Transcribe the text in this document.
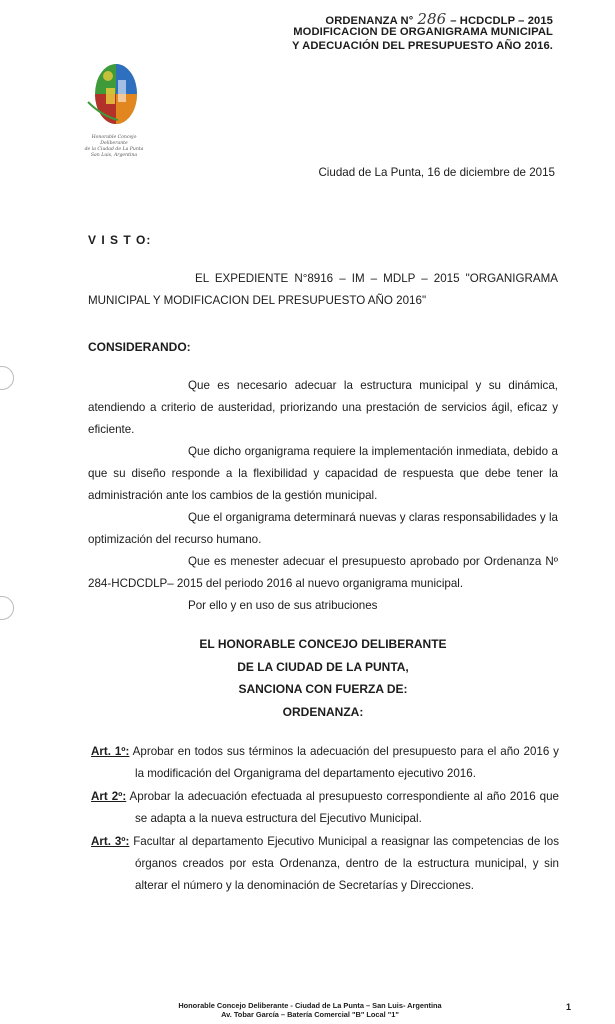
ORDENANZA N° 286 – HCDCDLP – 2015
MODIFICACION DE ORGANIGRAMA MUNICIPAL
Y ADECUACIÓN DEL PRESUPUESTO AÑO 2016.
Honorable Concejo Deliberante
de la Ciudad de La Punta
San Luis, Argentina
Ciudad de La Punta, 16 de diciembre de 2015
V I S T O:
EL EXPEDIENTE N°8916 – IM – MDLP – 2015 "ORGANIGRAMA MUNICIPAL Y MODIFICACION DEL PRESUPUESTO AÑO 2016"
CONSIDERANDO:
Que es necesario adecuar la estructura municipal y su dinámica, atendiendo a criterio de austeridad, priorizando una prestación de servicios ágil, eficaz y eficiente.
Que dicho organigrama requiere la implementación inmediata, debido a que su diseño responde a la flexibilidad y capacidad de respuesta que debe tener la administración ante los cambios de la gestión municipal.
Que el organigrama determinará nuevas y claras responsabilidades y la optimización del recurso humano.
Que es menester adecuar el presupuesto aprobado por Ordenanza Nº 284-HCDCDLP– 2015 del periodo 2016 al nuevo organigrama municipal.
Por ello y en uso de sus atribuciones
EL HONORABLE CONCEJO DELIBERANTE
DE LA CIUDAD DE LA PUNTA,
SANCIONA CON FUERZA DE:
ORDENANZA:
Art. 1º: Aprobar en todos sus términos la adecuación del presupuesto para el año 2016 y la modificación del Organigrama del departamento ejecutivo 2016.
Art 2º: Aprobar la adecuación efectuada al presupuesto correspondiente al año 2016 que se adapta a la nueva estructura del Ejecutivo Municipal.
Art. 3º: Facultar al departamento Ejecutivo Municipal a reasignar las competencias de los órganos creados por esta Ordenanza, dentro de la estructura municipal, y sin alterar el número y la denominación de Secretarías y Direcciones.
Honorable Concejo Deliberante - Ciudad de La Punta – San Luis- Argentina
Av. Tobar García – Batería Comercial "B" Local "1"
1
